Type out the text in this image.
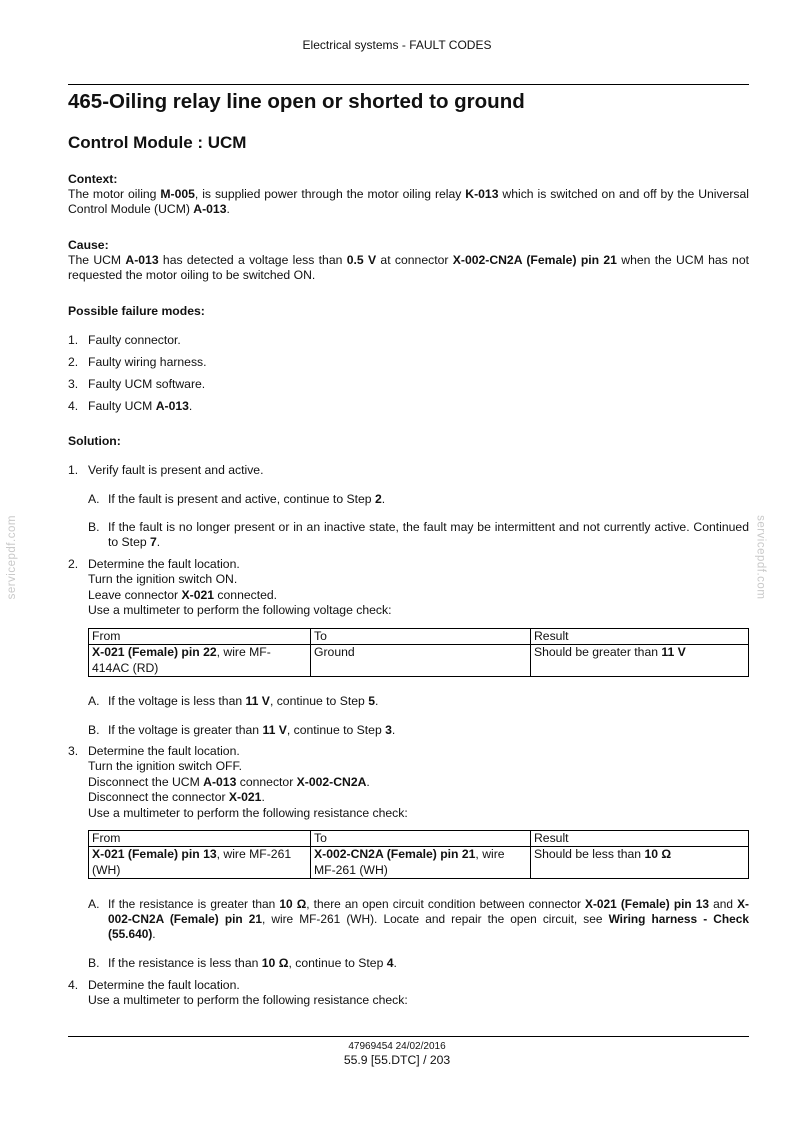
Electrical systems - FAULT CODES
465-Oiling relay line open or shorted to ground
Control Module : UCM
Context:
The motor oiling M-005, is supplied power through the motor oiling relay K-013 which is switched on and off by the Universal Control Module (UCM) A-013.
Cause:
The UCM A-013 has detected a voltage less than 0.5 V at connector X-002-CN2A (Female) pin 21 when the UCM has not requested the motor oiling to be switched ON.
Possible failure modes:
1. Faulty connector.
2. Faulty wiring harness.
3. Faulty UCM software.
4. Faulty UCM A-013.
Solution:
1. Verify fault is present and active.
A. If the fault is present and active, continue to Step 2.
B. If the fault is no longer present or in an inactive state, the fault may be intermittent and not currently active. Continued to Step 7.
2. Determine the fault location.
Turn the ignition switch ON.
Leave connector X-021 connected.
Use a multimeter to perform the following voltage check:
From	To	Result
X-021 (Female) pin 22, wire MF-414AC (RD)	Ground	Should be greater than 11 V
A. If the voltage is less than 11 V, continue to Step 5.
B. If the voltage is greater than 11 V, continue to Step 3.
3. Determine the fault location.
Turn the ignition switch OFF.
Disconnect the UCM A-013 connector X-002-CN2A.
Disconnect the connector X-021.
Use a multimeter to perform the following resistance check:
From	To	Result
X-021 (Female) pin 13, wire MF-261 (WH)	X-002-CN2A (Female) pin 21, wire MF-261 (WH)	Should be less than 10 Ω
A. If the resistance is greater than 10 Ω, there an open circuit condition between connector X-021 (Female) pin 13 and X-002-CN2A (Female) pin 21, wire MF-261 (WH). Locate and repair the open circuit, see Wiring harness - Check (55.640).
B. If the resistance is less than 10 Ω, continue to Step 4.
4. Determine the fault location.
Use a multimeter to perform the following resistance check:
servicepdf.com	servicepdf.com
47969454 24/02/2016
55.9 [55.DTC] / 203
